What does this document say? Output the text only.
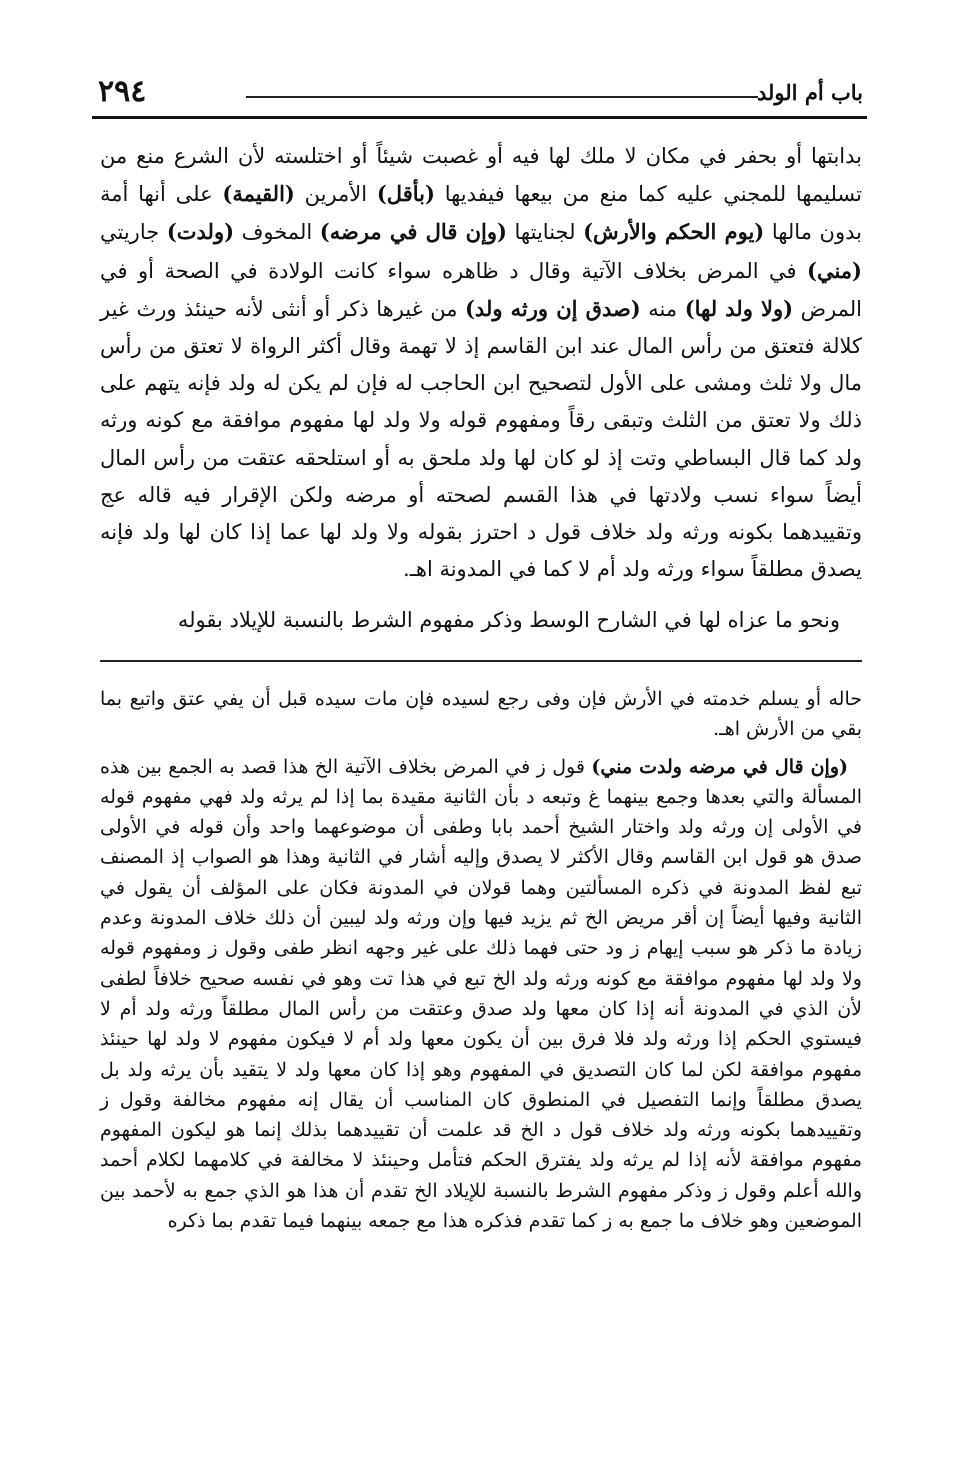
باب أم الولد
٢٩٤

بدابتها أو بحفر في مكان لا ملك لها فيه أو غصبت شيئاً أو اختلسته لأن الشرع منع من تسليمها للمجني عليه كما منع من بيعها فيفديها (بأقل) الأمرين (القيمة) على أنها أمة بدون مالها (يوم الحكم والأرش) لجنايتها (وإن قال في مرضه) المخوف (ولدت) جاريتي (مني) في المرض بخلاف الآتية وقال د ظاهره سواء كانت الولادة في الصحة أو في المرض (ولا ولد لها) منه (صدق إن ورثه ولد) من غيرها ذكر أو أنثى لأنه حينئذ ورث غير كلالة فتعتق من رأس المال عند ابن القاسم إذ لا تهمة وقال أكثر الرواة لا تعتق من رأس مال ولا ثلث ومشى على الأول لتصحيح ابن الحاجب له فإن لم يكن له ولد فإنه يتهم على ذلك ولا تعتق من الثلث وتبقى رقاً ومفهوم قوله ولا ولد لها مفهوم موافقة مع كونه ورثه ولد كما قال البساطي وتت إذ لو كان لها ولد ملحق به أو استلحقه عتقت من رأس المال أيضاً سواء نسب ولادتها في هذا القسم لصحته أو مرضه ولكن الإقرار فيه قاله عج وتقييدهما بكونه ورثه ولد خلاف قول د احترز بقوله ولا ولد لها عما إذا كان لها ولد فإنه يصدق مطلقاً سواء ورثه ولد أم لا كما في المدونة اهـ.

ونحو ما عزاه لها في الشارح الوسط وذكر مفهوم الشرط بالنسبة للإيلاد بقوله

حاله أو يسلم خدمته في الأرش فإن وفى رجع لسيده فإن مات سيده قبل أن يفي عتق واتبع بما بقي من الأرش اهـ.

(وإن قال في مرضه ولدت مني) قول ز في المرض بخلاف الآتية الخ هذا قصد به الجمع بين هذه المسألة والتي بعدها وجمع بينهما غ وتبعه د بأن الثانية مقيدة بما إذا لم يرثه ولد فهي مفهوم قوله في الأولى إن ورثه ولد واختار الشيخ أحمد بابا وطفى أن موضوعهما واحد وأن قوله في الأولى صدق هو قول ابن القاسم وقال الأكثر لا يصدق وإليه أشار في الثانية وهذا هو الصواب إذ المصنف تبع لفظ المدونة في ذكره المسألتين وهما قولان في المدونة فكان على المؤلف أن يقول في الثانية وفيها أيضاً إن أقر مريض الخ ثم يزيد فيها وإن ورثه ولد ليبين أن ذلك خلاف المدونة وعدم زيادة ما ذكر هو سبب إيهام ز ود حتى فهما ذلك على غير وجهه انظر طفى وقول ز ومفهوم قوله ولا ولد لها مفهوم موافقة مع كونه ورثه ولد الخ تبع في هذا تت وهو في نفسه صحيح خلافاً لطفى لأن الذي في المدونة أنه إذا كان معها ولد صدق وعتقت من رأس المال مطلقاً ورثه ولد أم لا فيستوي الحكم إذا ورثه ولد فلا فرق بين أن يكون معها ولد أم لا فيكون مفهوم لا ولد لها حينئذ مفهوم موافقة لكن لما كان التصديق في المفهوم وهو إذا كان معها ولد لا يتقيد بأن يرثه ولد بل يصدق مطلقاً وإنما التفصيل في المنطوق كان المناسب أن يقال إنه مفهوم مخالفة وقول ز وتقييدهما بكونه ورثه ولد خلاف قول د الخ قد علمت أن تقييدهما بذلك إنما هو ليكون المفهوم مفهوم موافقة لأنه إذا لم يرثه ولد يفترق الحكم فتأمل وحينئذ لا مخالفة في كلامهما لكلام أحمد والله أعلم وقول ز وذكر مفهوم الشرط بالنسبة للإيلاد الخ تقدم أن هذا هو الذي جمع به لأحمد بين الموضعين وهو خلاف ما جمع به ز كما تقدم فذكره هذا مع جمعه بينهما فيما تقدم بما ذكره
